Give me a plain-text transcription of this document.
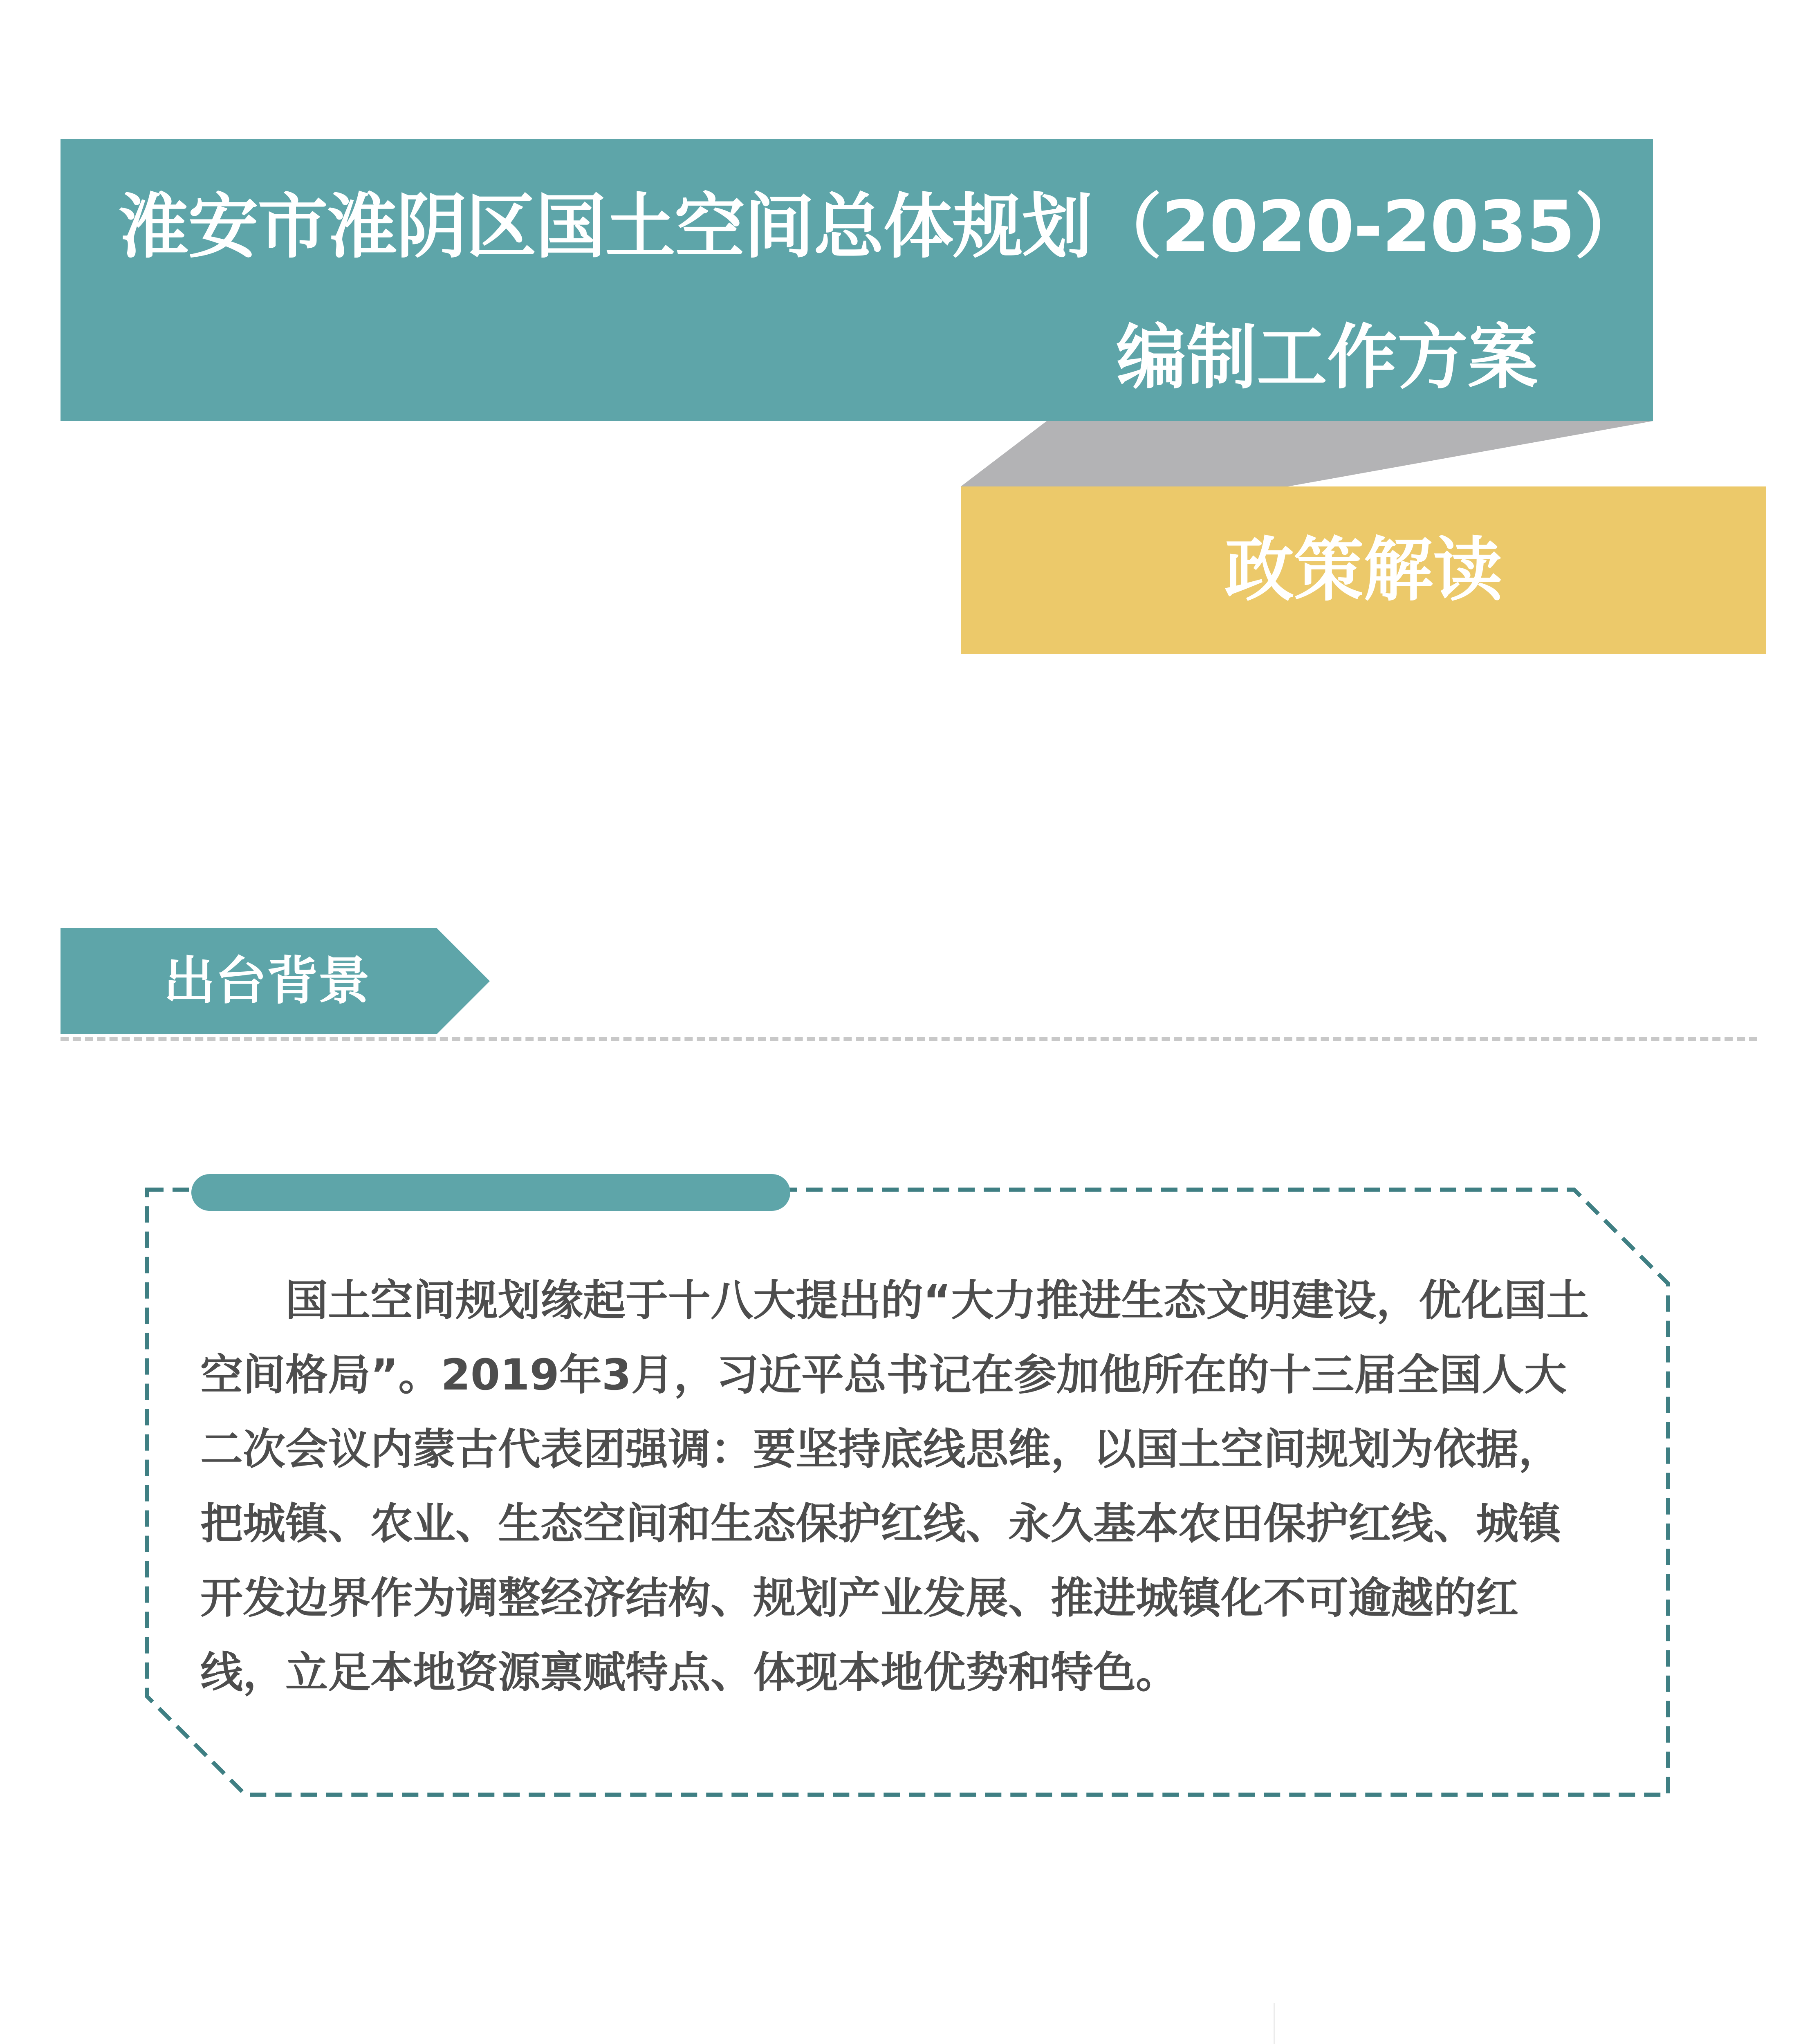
淮安市淮阴区国土空间总体规划（2020-2035）
编制工作方案
政策解读
出台背景
国土空间规划缘起于十八大提出的“大力推进生态文明建设，优化国土空间格局”。2019年3月，习近平总书记在参加他所在的十三届全国人大二次会议内蒙古代表团强调：要坚持底线思维，以国土空间规划为依据，把城镇、农业、生态空间和生态保护红线、永久基本农田保护红线、城镇开发边界作为调整经济结构、规划产业发展、推进城镇化不可逾越的红线，立足本地资源禀赋特点、体现本地优势和特色。
